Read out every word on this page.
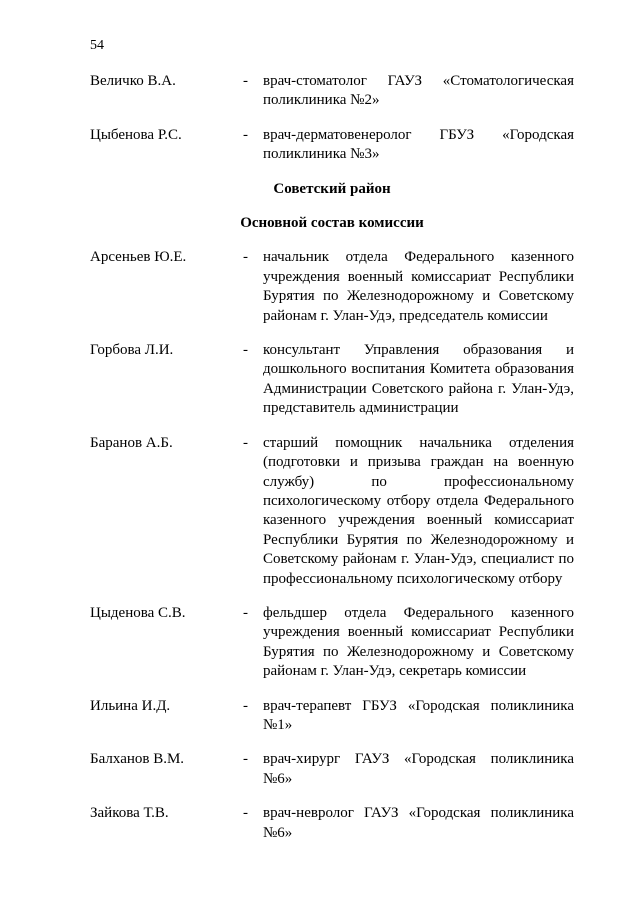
54
Величко В.А.	-	врач-стоматолог ГАУЗ «Стоматологическая поликлиника №2»
Цыбенова Р.С.	-	врач-дерматовенеролог ГБУЗ «Городская поликлиника №3»
Советский район
Основной состав комиссии
Арсеньев Ю.Е.	-	начальник отдела Федерального казенного учреждения военный комиссариат Республики Бурятия по Железнодорожному и Советскому районам г. Улан-Удэ, председатель комиссии
Горбова Л.И.	-	консультант Управления образования и дошкольного воспитания Комитета образования Администрации Советского района г. Улан-Удэ, представитель администрации
Баранов А.Б.	-	старший помощник начальника отделения (подготовки и призыва граждан на военную службу) по профессиональному психологическому отбору отдела Федерального казенного учреждения военный комиссариат Республики Бурятия по Железнодорожному и Советскому районам г. Улан-Удэ, специалист по профессиональному психологическому отбору
Цыденова С.В.	-	фельдшер отдела Федерального казенного учреждения военный комиссариат Республики Бурятия по Железнодорожному и Советскому районам г. Улан-Удэ, секретарь комиссии
Ильина И.Д.	-	врач-терапевт ГБУЗ «Городская поликлиника №1»
Балханов В.М.	-	врач-хирург ГАУЗ «Городская поликлиника №6»
Зайкова Т.В.	-	врач-невролог ГАУЗ «Городская поликлиника №6»
